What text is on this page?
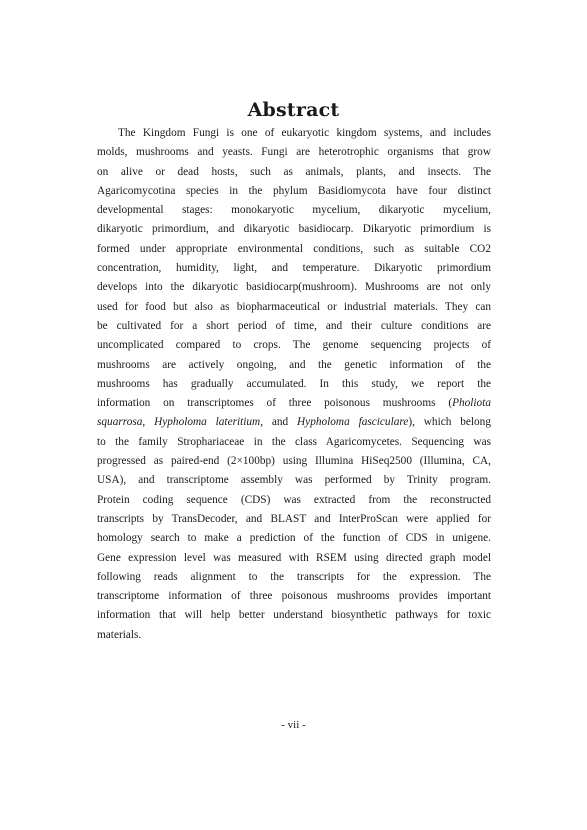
Abstract
The Kingdom Fungi is one of eukaryotic kingdom systems, and includes
molds, mushrooms and yeasts. Fungi are heterotrophic organisms that grow
on alive or dead hosts, such as animals, plants, and insects. The
Agaricomycotina species in the phylum Basidiomycota have four distinct
developmental stages: monokaryotic mycelium, dikaryotic mycelium,
dikaryotic primordium, and dikaryotic basidiocarp. Dikaryotic primordium is
formed under appropriate environmental conditions, such as suitable CO2
concentration, humidity, light, and temperature. Dikaryotic primordium
develops into the dikaryotic basidiocarp(mushroom). Mushrooms are not only
used for food but also as biopharmaceutical or industrial materials. They can
be cultivated for a short period of time, and their culture conditions are
uncomplicated compared to crops. The genome sequencing projects of
mushrooms are actively ongoing, and the genetic information of the
mushrooms has gradually accumulated. In this study, we report the
information on transcriptomes of three poisonous mushrooms (Pholiota
squarrosa, Hypholoma lateritium, and Hypholoma fasciculare), which belong
to the family Strophariaceae in the class Agaricomycetes. Sequencing was
progressed as paired-end (2×100bp) using Illumina HiSeq2500 (Illumina, CA,
USA), and transcriptome assembly was performed by Trinity program.
Protein coding sequence (CDS) was extracted from the reconstructed
transcripts by TransDecoder, and BLAST and InterProScan were applied for
homology search to make a prediction of the function of CDS in unigene.
Gene expression level was measured with RSEM using directed graph model
following reads alignment to the transcripts for the expression. The
transcriptome information of three poisonous mushrooms provides important
information that will help better understand biosynthetic pathways for toxic
materials.
- vii -
